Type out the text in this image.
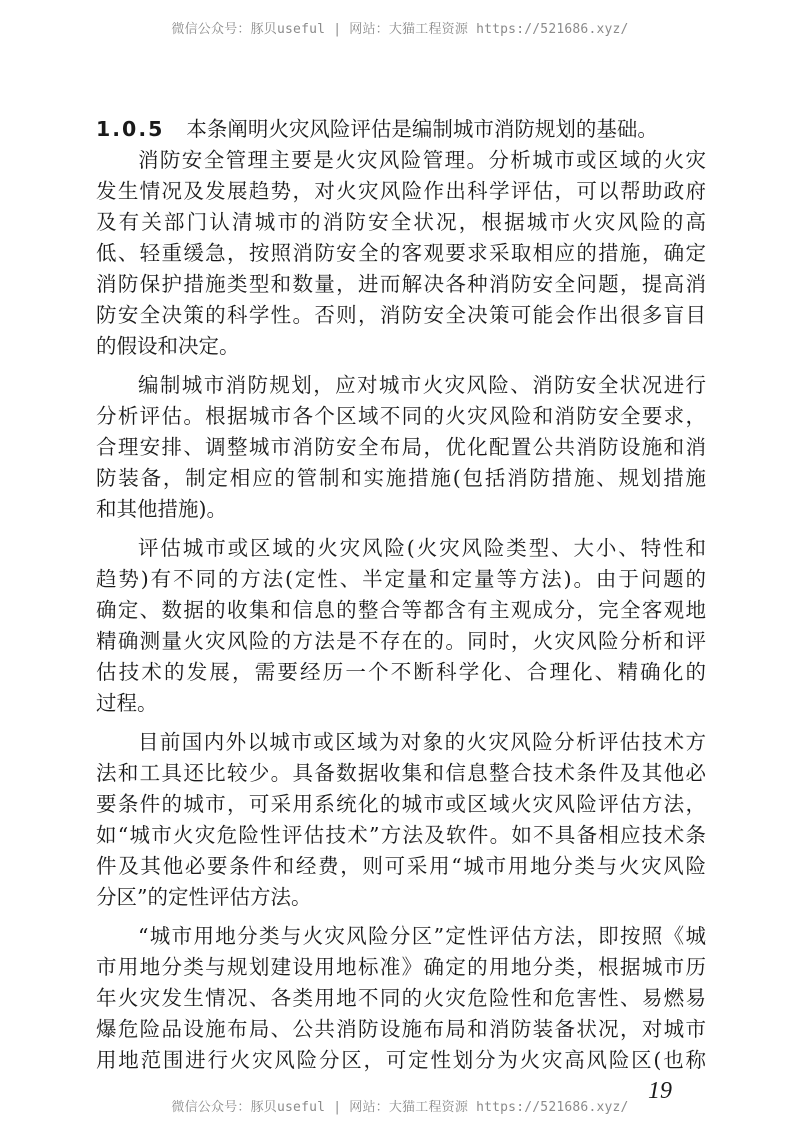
微信公众号：豚贝useful | 网站：大猫工程资源 https://521686.xyz/
1.0.5 本条阐明火灾风险评估是编制城市消防规划的基础。
消防安全管理主要是火灾风险管理。分析城市或区域的火灾
发生情况及发展趋势，对火灾风险作出科学评估，可以帮助政府
及有关部门认清城市的消防安全状况，根据城市火灾风险的高
低、轻重缓急，按照消防安全的客观要求采取相应的措施，确定
消防保护措施类型和数量，进而解决各种消防安全问题，提高消
防安全决策的科学性。否则，消防安全决策可能会作出很多盲目
的假设和决定。
编制城市消防规划，应对城市火灾风险、消防安全状况进行
分析评估。根据城市各个区域不同的火灾风险和消防安全要求，
合理安排、调整城市消防安全布局，优化配置公共消防设施和消
防装备，制定相应的管制和实施措施(包括消防措施、规划措施
和其他措施)。
评估城市或区域的火灾风险(火灾风险类型、大小、特性和
趋势)有不同的方法(定性、半定量和定量等方法)。由于问题的
确定、数据的收集和信息的整合等都含有主观成分，完全客观地
精确测量火灾风险的方法是不存在的。同时，火灾风险分析和评
估技术的发展，需要经历一个不断科学化、合理化、精确化的
过程。
目前国内外以城市或区域为对象的火灾风险分析评估技术方
法和工具还比较少。具备数据收集和信息整合技术条件及其他必
要条件的城市，可采用系统化的城市或区域火灾风险评估方法，
如“城市火灾危险性评估技术”方法及软件。如不具备相应技术条
件及其他必要条件和经费，则可采用“城市用地分类与火灾风险
分区”的定性评估方法。
“城市用地分类与火灾风险分区”定性评估方法，即按照《城
市用地分类与规划建设用地标准》确定的用地分类，根据城市历
年火灾发生情况、各类用地不同的火灾危险性和危害性、易燃易
爆危险品设施布局、公共消防设施布局和消防装备状况，对城市
用地范围进行火灾风险分区，可定性划分为火灾高风险区(也称
19
微信公众号：豚贝useful | 网站：大猫工程资源 https://521686.xyz/
